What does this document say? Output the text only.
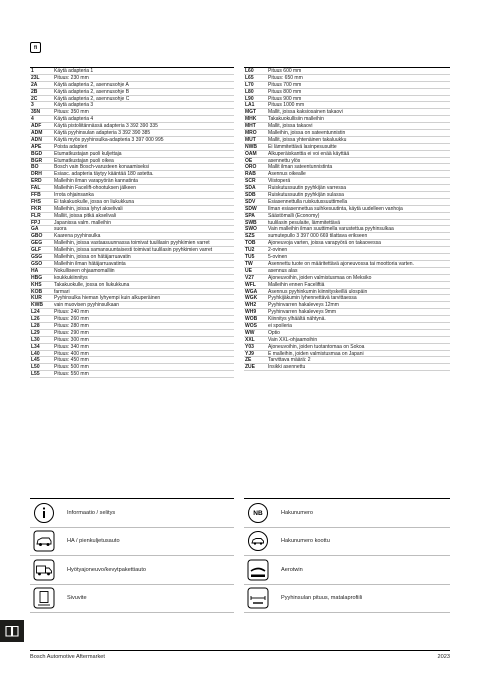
fi
1	Käytä adapteria 1
23L	Pituus: 230 mm
2A	Käytä adapteria 2, asennusohje A
2B	Käytä adapteria 2, asennusohje B
2C	Käytä adapteria 2, asennusohje C
3	Käytä adapteria 3
35N	Pituus: 350 mm
4	Käytä adapteria 4
ADF	Käytä pistoliitännässä adapteria 3 392 390 335
ADM	Käytä pyyhinsulan adapteria 3 392 390 385
ADN	Käytä myös pyyhinsulka-adapteria 3 397 000 995
APE	Poista adapteri
BGD	Etumatkustajan puoli kuljettaja
BGR	Etumatkustajan puoli oikea
BO	Bosch vain Bosch-varusteen konaamiseksi
DRH	Esiasc. adapteria täytyy kääntää 180 astetta.
ERD	Malleihin ilman varapyörän kannatinta
FAL	Malleihin Facelift-ohootuksen jälkeen
FFB	Irrota ohjainsanka
FHS	Ei takakuokulle, jossa on liukukkuna
FKR	Malleihin, joissa lyhyt akselivali
FLR	Malliit, joissa pitkä akselivali
FPJ	Japanissa valm. malleihin
GA	suora
GBO	Kaarena pyyhinsulka
GEG	Malleihin, joissa vastaasuunnassa toimivat tuulilasin pyyhkimien varret
GLF	Malleihin, joissa samansuuntaisesti toimivat tuulilasin pyyhkimien varret
GSG	Malleihin, joissa on hätäjarruavatin
GSO	Malleihin ilman hätäjarruavatinta
HA	Nokulliseen ohjaamomalliin
HBG	koukkukiinnitys
KHS	Takakuokulle, jossa on liukukkuna
KOB	farmari
KUR	Pyyhinsulka hieman lyhyempi kuin alkuperäinen
KWB	vain muovisen pyyhinsulkaan
L24	Pituus: 240 mm
L26	Pituus: 260 mm
L28	Pituus: 280 mm
L29	Pituus: 290 mm
L30	Pituus: 300 mm
L34	Pituus: 340 mm
L40	Pituus: 400 mm
L45	Pituus: 450 mm
L50	Pituus: 500 mm
L55	Pituus: 550 mm
L60	Pituus 600 mm
L65	Pituus: 650 mm
L70	Pituus 700 mm
L80	Pituus 800 mm
L90	Pituus 900 mm
LA1	Pituus 1000 mm
MGT	Mallit, joissa kaksiosainen takaovi
MHK	Takakuokullisiin malleihin
MHT	Mallit, joissa takaovi
MRO	Malleihin, joissa on sateentunnistin
MUT	Mallit, joissa yhtenäinen takaluukku
NWB	Ei lämmitettävä lasinpesusuitte
OAM	Alkuperäiskanttia ei voi enää käyttää
OE	asennettu ylös
ORO	Mallit ilman sateentunnistinta
RAB	Asennus oikealle
SCR	Viistoperä
SDA	Ruiskutussuutin pyyhkijän varressa
SDB	Ruiskutussuutin pyyhkijän sulassa
SDV	Esiasennettulla ruiskutussuuttimella
SDW	Ilman esiasennettua suihkesuutinta, käytä uudelleen vanhoja
SPA	Säästömalli (Economy)
SWB	tuulilasin pesulaite, lämmitettävä
SWO	Vain malleihin ilman suuttimella varustettua pyyhinsulkaa
SZS	sumutepullo 3 397 000 669 tilattava erikseen
TOB	Ajoneuvoja varten, joissa varapyörä on takaovessa
TU2	2-ovinen
TU5	5-ovinen
TW	Asennettu tuote on määritettävä ajoneuvossa tai moottoria varten.
UE	asennus alas
V27	Ajoneuvoihin, joiden valmistusmaa on Meksiko
WFL	Malleihin ennen Faceliftiä
WGA	Asennus pyyhinkumin kiinnityskeillä ulospäin
WGK	Pyyhkijäkumin lyhennettävä tarvittaessa
WH2	Pyyhinvarren hakaleveys 12mm
WH9	Pyyhinvarren hakaleveys 9mm
WOB	Kiinnitys ylhäältä nähtynä.
WOS	ei spoileria
WW	Optio
XXL	Vain XXL-ohjaamoihin
Y03	Ajoneuvoihin, joiden tuotantomaa on Sokoa
YJ9	E malleihin, joiden valmistusmaa on Japani
ZE	Tarvittava määrä: 2
ZUE	Insikki asennettu
Informaatio / selitys
HA / pienkuljetusauto
Hyötyajoneuvo/kevytpakettiauto
Sivuvite
NB	Hakunumero
Hakunumero koottu
Aerotwin
Pyyhinsulan pituus, matalaprofiili
Bosch Automotive Aftermarket	2023
